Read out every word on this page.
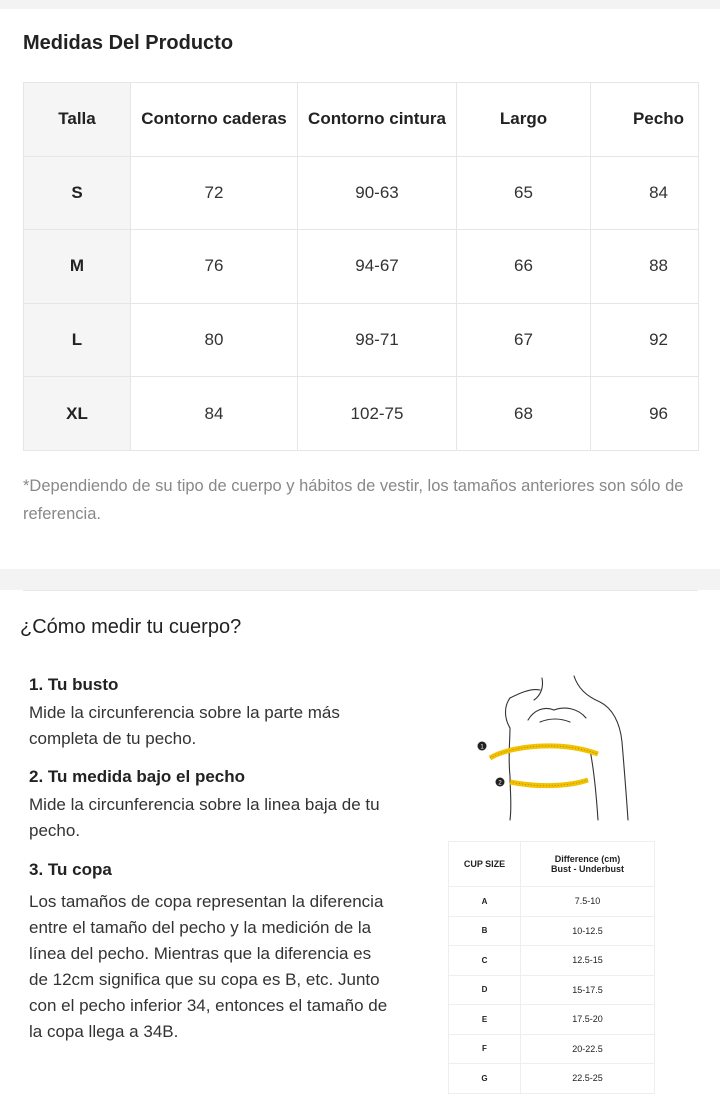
Medidas Del Producto
Talla	Contorno caderas	Contorno cintura	Largo	Pecho
S	72	90-63	65	84
M	76	94-67	66	88
L	80	98-71	67	92
XL	84	102-75	68	96
*Dependiendo de su tipo de cuerpo y hábitos de vestir, los tamaños anteriores son sólo de referencia.
¿Cómo medir tu cuerpo?
1. Tu busto
Mide la circunferencia sobre la parte más completa de tu pecho.
2. Tu medida bajo el pecho
Mide la circunferencia sobre la linea baja de tu pecho.
3. Tu copa
Los tamaños de copa representan la diferencia entre el tamaño del pecho y la medición de la línea del pecho. Mientras que la diferencia es de 12cm significa que su copa es B, etc. Junto con el pecho inferior 34, entonces el tamaño de la copa llega a 34B.
1
2
CUP SIZE	Difference (cm)
Bust - Underbust

A	7.5-10
B	10-12.5
C	12.5-15
D	15-17.5
E	17.5-20
F	20-22.5
G	22.5-25
